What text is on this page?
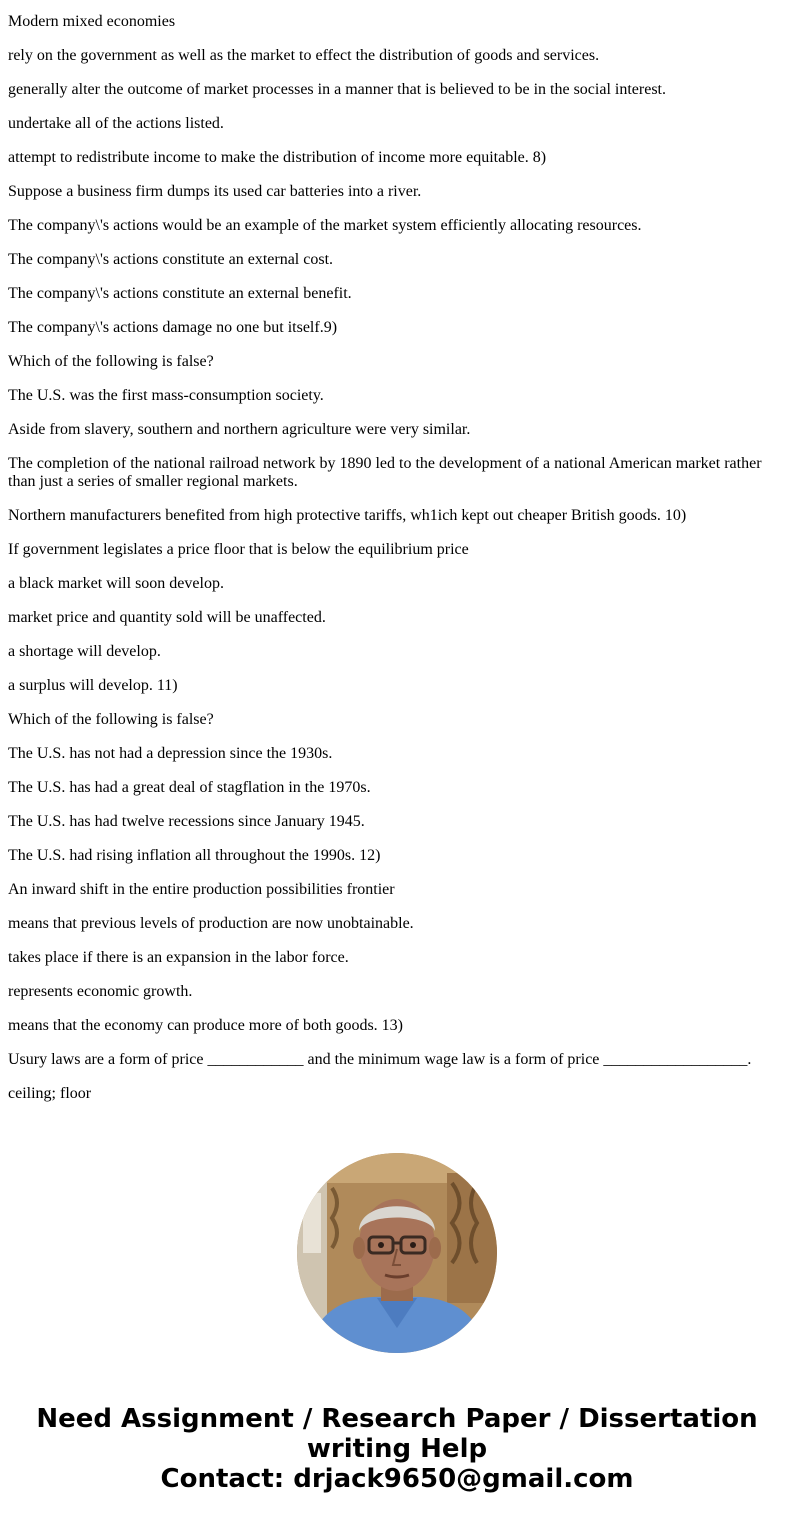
Modern mixed economies

rely on the government as well as the market to effect the distribution of goods and services.

generally alter the outcome of market processes in a manner that is believed to be in the social interest.

undertake all of the actions listed.

attempt to redistribute income to make the distribution of income more equitable. 8)

Suppose a business firm dumps its used car batteries into a river.

The company\'s actions would be an example of the market system efficiently allocating resources.

The company\'s actions constitute an external cost.

The company\'s actions constitute an external benefit.

The company\'s actions damage no one but itself.9)

Which of the following is false?

The U.S. was the first mass-consumption society.

Aside from slavery, southern and northern agriculture were very similar.

The completion of the national railroad network by 1890 led to the development of a national American market rather than just a series of smaller regional markets.

Northern manufacturers benefited from high protective tariffs, wh1ich kept out cheaper British goods. 10)

If government legislates a price floor that is below the equilibrium price

a black market will soon develop.

market price and quantity sold will be unaffected.

a shortage will develop.

a surplus will develop. 11)

Which of the following is false?

The U.S. has not had a depression since the 1930s.

The U.S. has had a great deal of stagflation in the 1970s.

The U.S. has had twelve recessions since January 1945.

The U.S. had rising inflation all throughout the 1990s. 12)

An inward shift in the entire production possibilities frontier

means that previous levels of production are now unobtainable.

takes place if there is an expansion in the labor force.

represents economic growth.

means that the economy can produce more of both goods. 13)

Usury laws are a form of price ____________ and the minimum wage law is a form of price __________________.

ceiling; floor

Need Assignment / Research Paper / Dissertation
writing Help
Contact: drjack9650@gmail.com
